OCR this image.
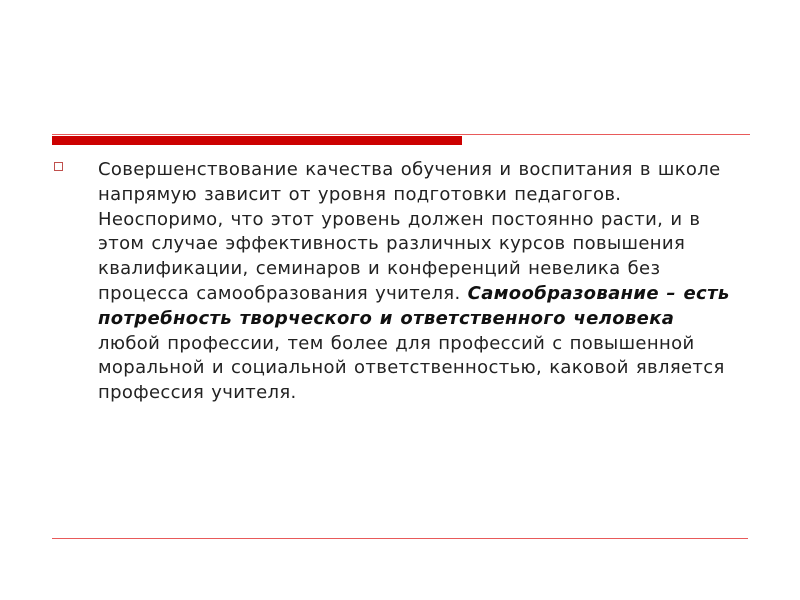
Совершенствование качества обучения и воспитания в школе напрямую зависит от уровня подготовки педагогов. Неоспоримо, что этот уровень должен постоянно расти, и в этом случае эффективность различных курсов повышения квалификации, семинаров и конференций невелика без процесса самообразования учителя. Самообразование – есть потребность творческого и ответственного человека любой профессии, тем более для профессий с повышенной моральной и социальной ответственностью, каковой является профессия учителя.
